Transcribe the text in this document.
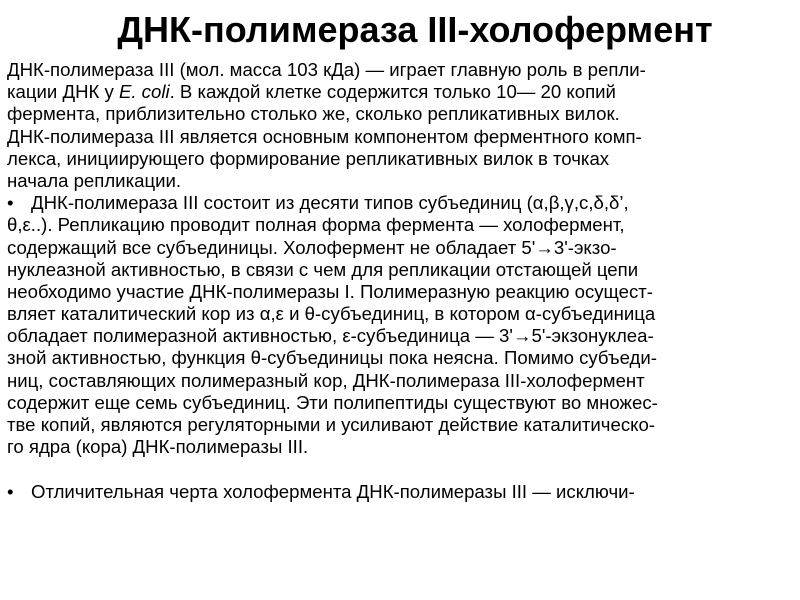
ДНК-полимераза III-холофермент
ДНК-полимераза III (мол. масса 103 кДа) — играет главную роль в репли-
кации ДНК у E. coli. В каждой клетке содержится только 10— 20 копий
фермента, приблизительно столько же, сколько репликативных вилок.
ДНК-полимераза III является основным компонентом ферментного комп-
лекса, инициирующего формирование репликативных вилок в точках
начала репликации.
• ДНК-полимераза III состоит из десяти типов субъединиц (α,β,γ,c,δ,δ’,
θ,ε..). Репликацию проводит полная форма фермента — холофермент,
содержащий все субъединицы. Холофермент не обладает 5'→3'-экзо-
нуклеазной активностью, в связи с чем для репликации отстающей цепи
необходимо участие ДНК-полимеразы I. Полимеразную реакцию осущест-
вляет каталитический кор из α,ε и θ-субъединиц, в котором α-субъединица
обладает полимеразной активностью, ε-субъединица — 3'→5'-экзонуклеа-
зной активностью, функция θ-субъединицы пока неясна. Помимо субъеди-
ниц, составляющих полимеразный кор, ДНК-полимераза III-холофермент
содержит еще семь субъединиц. Эти полипептиды существуют во множес-
тве копий, являются регуляторными и усиливают действие каталитическо-
го ядра (кора) ДНК-полимеразы III.
• Отличительная черта холофермента ДНК-полимеразы III — исключи-
